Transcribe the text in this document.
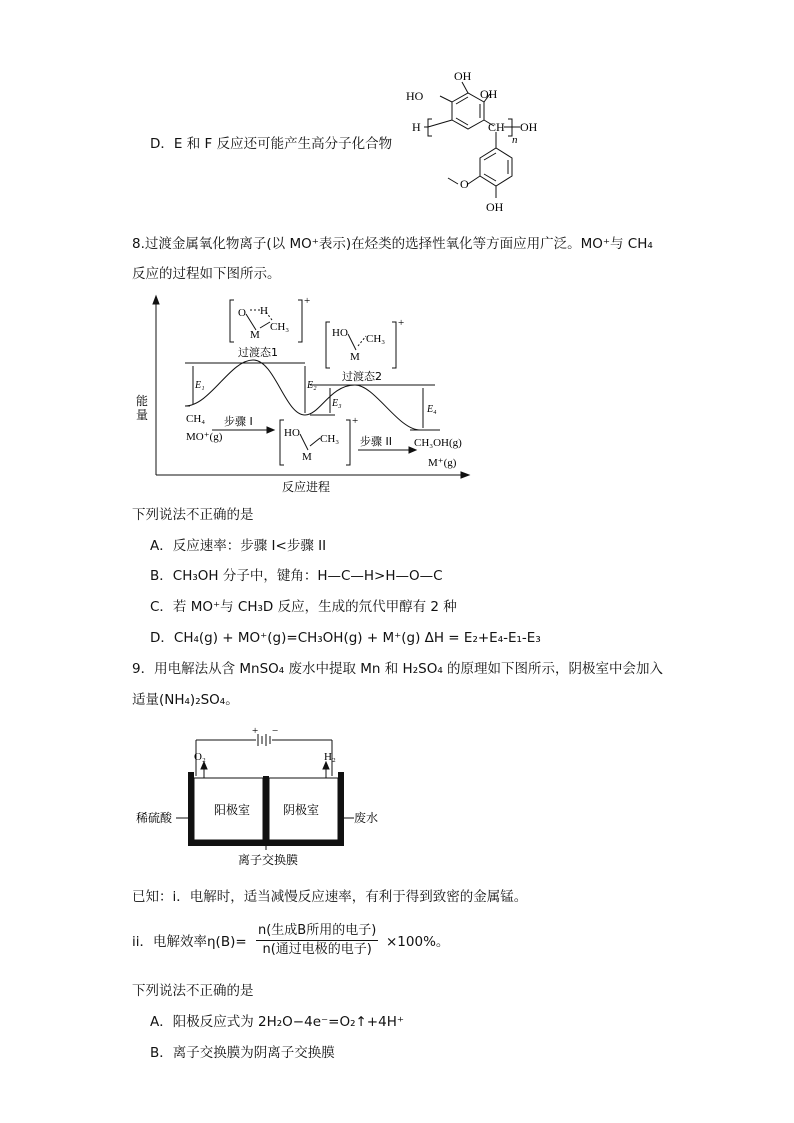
D．E 和 F 反应还可能产生高分子化合物
OH
OH
HO
H	CH
n
OH
O
OH
8.过渡金属氧化物离子(以 MO⁺表示)在烃类的选择性氧化等方面应用广泛。MO⁺与 CH₄
反应的过程如下图所示。
能量
反应进程
过渡态1
过渡态2
CH₄
MO⁺(g)
步骤 I
步骤 II CH₃OH(g)
M⁺(g)
E₁	E₂
E₃
E₄
O H
M
CH₃
+
HO
M
CH₃
+
HO
M
CH₃
+
下列说法不正确的是
A．反应速率：步骤 I<步骤 II
B．CH₃OH 分子中，键角：H—C—H>H—O—C
C．若 MO⁺与 CH₃D 反应，生成的氘代甲醇有 2 种
D．CH₄(g) + MO⁺(g)=CH₃OH(g) + M⁺(g) ΔH = E₂+E₄-E₁-E₃
9．用电解法从含 MnSO₄ 废水中提取 Mn 和 H₂SO₄ 的原理如下图所示，阴极室中会加入
适量(NH₄)₂SO₄。
阳极室	阴极室
稀硫酸	废水
离子交换膜
O₂	H₂
+ −
已知：i．电解时，适当减慢反应速率，有利于得到致密的金属锰。
ii．电解效率η(B)=
n(生成B所用的电子)
n(通过电极的电子)	×100%。
下列说法不正确的是
A．阳极反应式为 2H₂O−4e⁻=O₂↑+4H⁺
B．离子交换膜为阴离子交换膜
